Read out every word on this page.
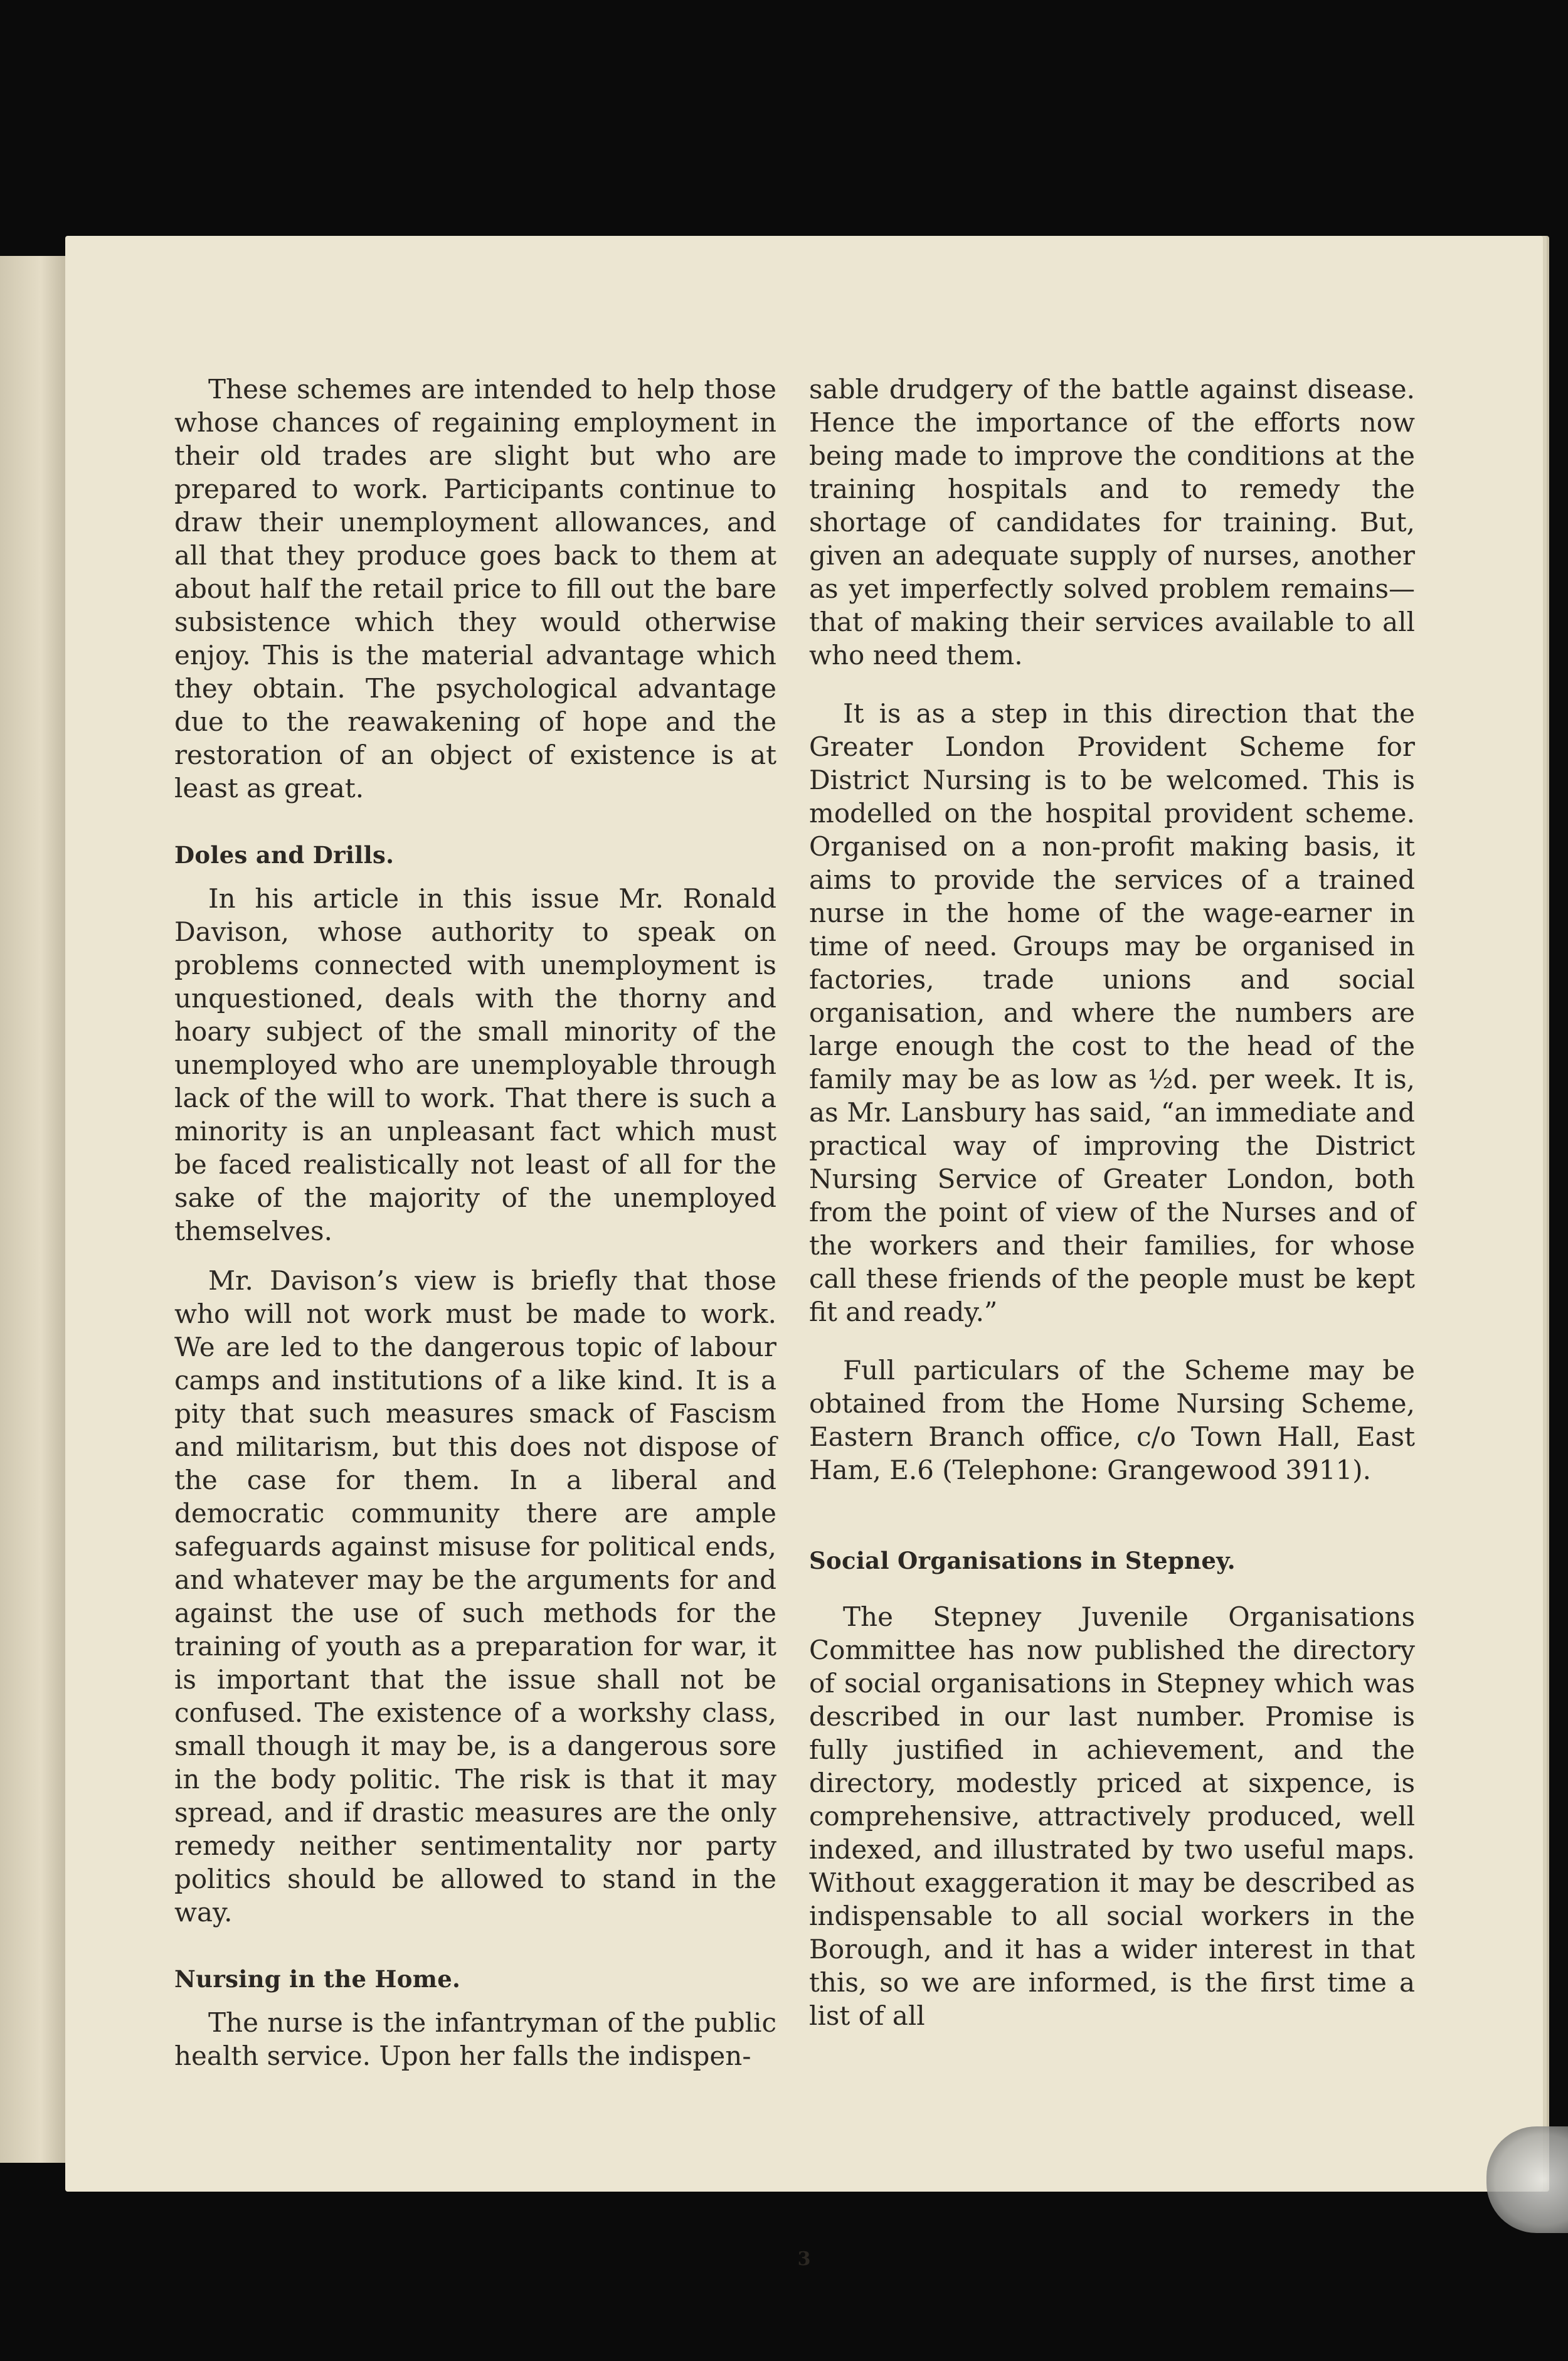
These schemes are intended to help those whose chances of regaining employment in their old trades are slight but who are prepared to work. Participants continue to draw their unemployment allowances, and all that they produce goes back to them at about half the retail price to fill out the bare subsistence which they would otherwise enjoy. This is the material advantage which they obtain. The psychological advantage due to the reawakening of hope and the restoration of an object of existence is at least as great.

Doles and Drills.

In his article in this issue Mr. Ronald Davison, whose authority to speak on problems connected with unemployment is unquestioned, deals with the thorny and hoary subject of the small minority of the unemployed who are unemployable through lack of the will to work. That there is such a minority is an unpleasant fact which must be faced realistically not least of all for the sake of the majority of the unemployed themselves.

Mr. Davison’s view is briefly that those who will not work must be made to work. We are led to the dangerous topic of labour camps and institutions of a like kind. It is a pity that such measures smack of Fascism and militarism, but this does not dispose of the case for them. In a liberal and democratic community there are ample safeguards against misuse for political ends, and whatever may be the arguments for and against the use of such methods for the training of youth as a preparation for war, it is important that the issue shall not be confused. The existence of a workshy class, small though it may be, is a dangerous sore in the body politic. The risk is that it may spread, and if drastic measures are the only remedy neither sentimentality nor party politics should be allowed to stand in the way.

Nursing in the Home.

The nurse is the infantryman of the public health service. Upon her falls the indispen-

sable drudgery of the battle against disease. Hence the importance of the efforts now being made to improve the conditions at the training hospitals and to remedy the shortage of candidates for training. But, given an adequate supply of nurses, another as yet imperfectly solved problem remains—that of making their services available to all who need them.

It is as a step in this direction that the Greater London Provident Scheme for District Nursing is to be welcomed. This is modelled on the hospital provident scheme. Organised on a non-profit making basis, it aims to provide the services of a trained nurse in the home of the wage-earner in time of need. Groups may be organised in factories, trade unions and social organisation, and where the numbers are large enough the cost to the head of the family may be as low as ½d. per week. It is, as Mr. Lansbury has said, “an immediate and practical way of improving the District Nursing Service of Greater London, both from the point of view of the Nurses and of the workers and their families, for whose call these friends of the people must be kept fit and ready.”

Full particulars of the Scheme may be obtained from the Home Nursing Scheme, Eastern Branch office, c/o Town Hall, East Ham, E.6 (Telephone: Grangewood 3911).

Social Organisations in Stepney.

The Stepney Juvenile Organisations Committee has now published the directory of social organisations in Stepney which was described in our last number. Promise is fully justified in achievement, and the directory, modestly priced at sixpence, is comprehensive, attractively produced, well indexed, and illustrated by two useful maps. Without exaggeration it may be described as indispensable to all social workers in the Borough, and it has a wider interest in that this, so we are informed, is the first time a list of all

3
